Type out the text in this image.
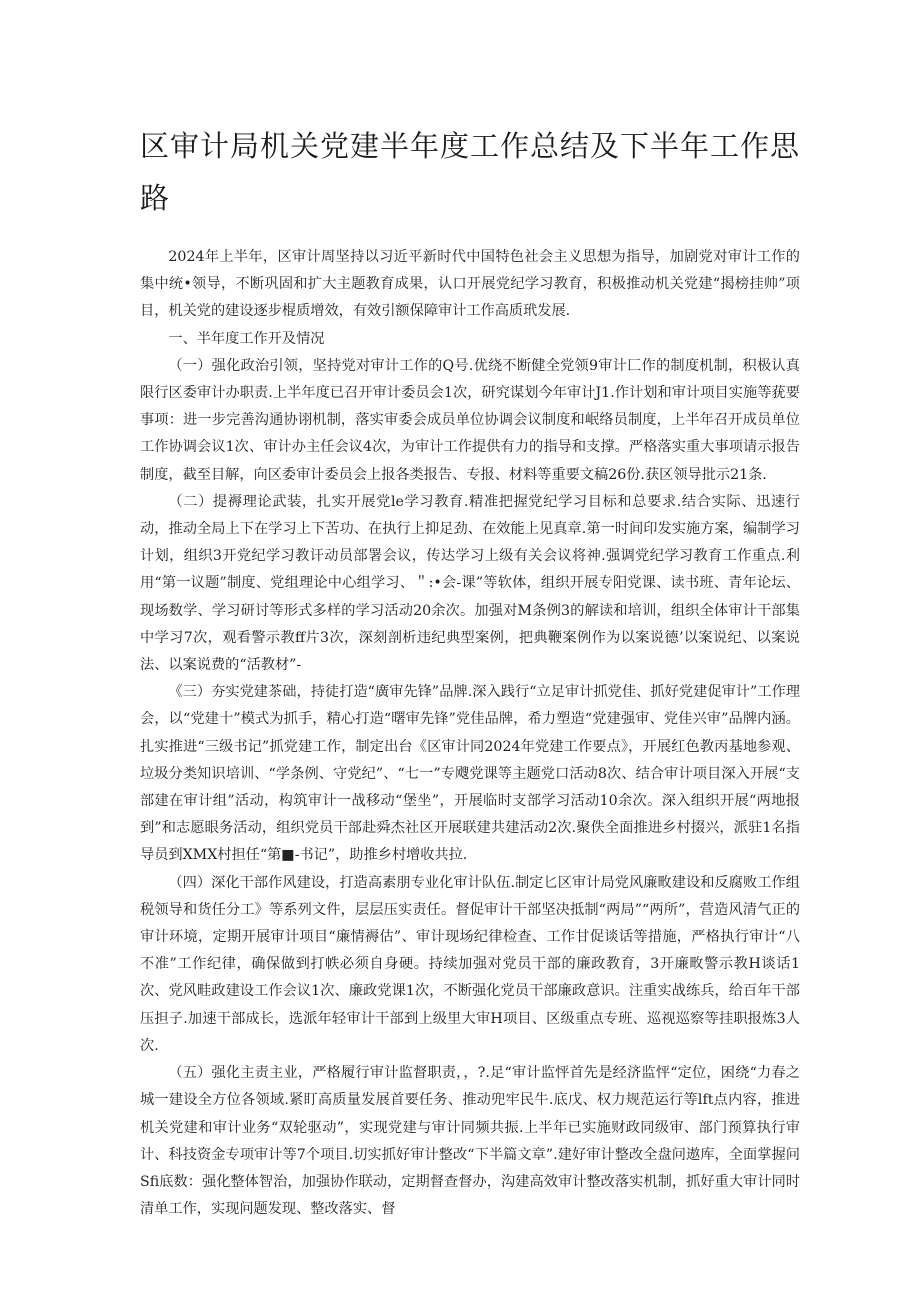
区审计局机关党建半年度工作总结及下半年工作思路

2024年上半年，区审计周坚持以习近平新时代中国特色社会主义思想为指导，加剧党对审计工作的集中统•领导，不断巩固和扩大主题教育成果，认口开展党纪学习教育，积极推动机关党建“揭榜挂帅”项目，机关党的建设逐步棍质增效，有效引额保障审计工作高质玳发展.

一、半年度工作开及情况

（一）强化政治引领，坚持党对审计工作的Q号.优绕不断健全党领9审计匚作的制度机制，积极认真限行区委审计办职责.上半年度已召开审计委员会1次，研究谋划今年审计J1.作计划和审计项目实施等莸要事项：进一步完善沟通协诩机制，落实审委会成员单位协调会议制度和岷络员制度，上半年召开成员单位工作协调会议1次、审计办主任会议4次，为审计工作提供有力的指导和支撑。严格落实重大事项请示报告制度，截至目解，向区委审计委员会上报各类报告、专报、材料等重要文稿26份.获区领导批示21条.

（二）提褥理论武装，扎实开展党le学习教育.精准把握党纪学习目标和总要求.结合实际、迅速行动，推动全局上下在学习上下苦功、在执行上抑足劲、在效能上见真章.第一时间印发实施方案，编制学习计划，组织3开党纪学习教讦动员部署会议，传达学习上级有关会议将神.强调党纪学习教育工作重点.利用“第一议题”制度、党组理论中心组学习、＂:•会-课”等软体，组织开展专阳党课、读书班、青年论坛、现场数学、学习研讨等形式多样的学习活动20余次。加强对M条例3的解读和培训，组织全体审计干部集中学习7次，观看警示教ff片3次，深刻剖析违纪典型案例，把典鞭案例作为以案说德’以案说纪、以案说法、以案说费的“活教材”-

《三）夯实党建茶础，持徒打造“廣审先锋”品牌.深入践行“立足审计抓党佳、抓好党建促审计”工作理会，以“党建十”模式为抓手，精心打造“曙审先锋”党佳品牌，希力塑造“党建强审、党佳兴审”品牌内涵。扎实推进“三级书记”抓党建工作，制定出台《区审计同2024年党建工作要点》，开展红色教丙基地参观、垃圾分类知识培训、“学条例、守党纪”、“七一”专飕党课等主题党口活动8次、结合审计项目深入开展“支部建在审计组”活动，构筑审计一战移动“堡坐”，开展临时支部学习活动10余次。深入组织开展“两地报到”和志愿眼务活动，组织党员干部赴舜杰社区开展联建共建活动2次.聚佚全面推进乡村掇兴，派驻1名指导员到XMX村担任“第■-书记”，助推乡村增收共拉.

（四）深化干部作风建设，打造高素朋专业化审计队伍.制定匕区审计局党风廉畋建设和反腐败工作组税领导和货任分工》等系列文件，层层压实责任。督促审计干部坚决抵制“两局”“两所”，营造风清气正的审计环境，定期开展审计项目“廉情褥估”、审计现场纪律检查、工作甘促谈话等措施，严格执行审计“八不准”工作纪律，确保做到打帙必须自身硬。持续加强对党员干部的廉政教育，3开廉畋警示教H谈话1次、党风畦政建设工作会议1次、廉政党课1次，不断强化党员干部廉政意识。注重实战练兵，给百年干部压担子.加速干部成长，选派年轻审计干部到上级里大审H项目、区级重点专班、巡视巡察等挂职报炼3人次.

（五）强化主责主业，严格履行审计监督职责，，?.足“审计监怦首先是经济监怦“定位，困绕“力春之城一建设全方位各领域.紧盯高质量发展首要任务、推动兜牢民牛.底戊、权力规范运行等lft点内容，推进机关党建和审计业务“双轮驱动”，实现党建与审计同频共振.上半年已实施财政同级审、部门预算执行审计、科技资金专项审计等7个项目.切实抓好审计整改“下半篇文章”.建好审计整改全盘问遨库，全面掌握问Sfi底数：强化整体智治，加强协作联动，定期督查督办，沟建高效审计整改落实机制，抓好重大审计同时清单工作，实现问题发现、整改落实、督
